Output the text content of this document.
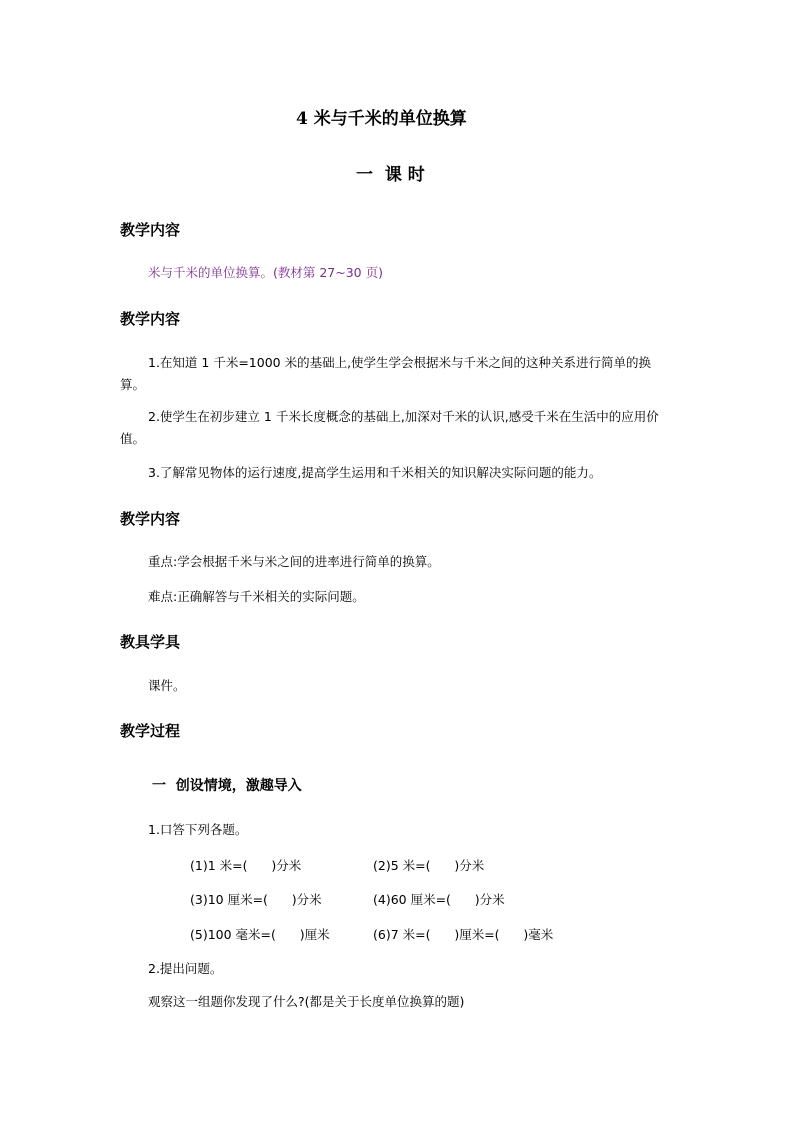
4 米与千米的单位换算
一  课 时
教学内容
米与千米的单位换算。(教材第 27~30 页)
教学内容
1.在知道 1 千米=1000 米的基础上,使学生学会根据米与千米之间的这种关系进行简单的换算。
2.使学生在初步建立 1 千米长度概念的基础上,加深对千米的认识,感受千米在生活中的应用价值。
3.了解常见物体的运行速度,提高学生运用和千米相关的知识解决实际问题的能力。
教学内容
重点:学会根据千米与米之间的进率进行简单的换算。
难点:正确解答与千米相关的实际问题。
教具学具
课件。
教学过程
一  创设情境，激趣导入
1.口答下列各题。
(1)1 米=(      )分米	(2)5 米=(      )分米
(3)10 厘米=(      )分米	(4)60 厘米=(      )分米
(5)100 毫米=(      )厘米	(6)7 米=(      )厘米=(      )毫米
2.提出问题。
观察这一组题你发现了什么?(都是关于长度单位换算的题)
